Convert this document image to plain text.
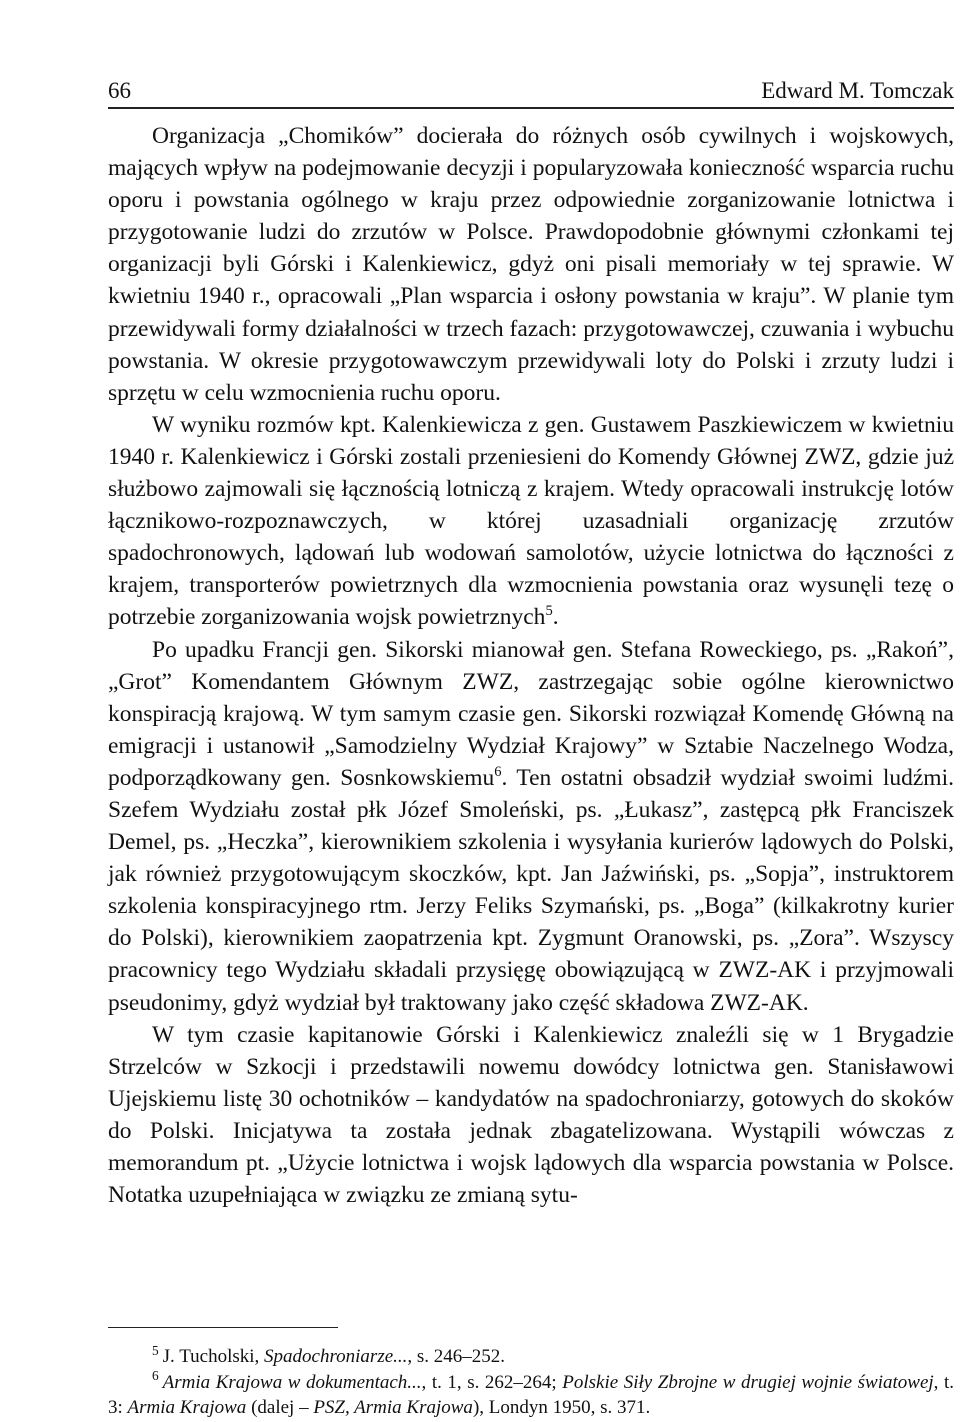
66	Edward M. Tomczak

Organizacja „Chomików” docierała do różnych osób cywilnych i wojskowych, mających wpływ na podejmowanie decyzji i popularyzowała konieczność wsparcia ruchu oporu i powstania ogólnego w kraju przez odpowiednie zorganizowanie lotnictwa i przygotowanie ludzi do zrzutów w Polsce. Prawdopodobnie głównymi członkami tej organizacji byli Górski i Kalenkiewicz, gdyż oni pisali memoriały w tej sprawie. W kwietniu 1940 r., opracowali „Plan wsparcia i osłony powstania w kraju”. W planie tym przewidywali formy działalności w trzech fazach: przygotowawczej, czuwania i wybuchu powstania. W okresie przygotowawczym przewidywali loty do Polski i zrzuty ludzi i sprzętu w celu wzmocnienia ruchu oporu.

W wyniku rozmów kpt. Kalenkiewicza z gen. Gustawem Paszkiewiczem w kwietniu 1940 r. Kalenkiewicz i Górski zostali przeniesieni do Komendy Głównej ZWZ, gdzie już służbowo zajmowali się łącznością lotniczą z krajem. Wtedy opracowali instrukcję lotów łącznikowo-rozpoznawczych, w której uzasadniali organizację zrzutów spadochronowych, lądowań lub wodowań samolotów, użycie lotnictwa do łączności z krajem, transporterów powietrznych dla wzmocnienia powstania oraz wysunęli tezę o potrzebie zorganizowania wojsk powietrznych$^5$.

Po upadku Francji gen. Sikorski mianował gen. Stefana Roweckiego, ps. „Rakoń”, „Grot” Komendantem Głównym ZWZ, zastrzegając sobie ogólne kierownictwo konspiracją krajową. W tym samym czasie gen. Sikorski rozwiązał Komendę Główną na emigracji i ustanowił „Samodzielny Wydział Krajowy” w Sztabie Naczelnego Wodza, podporządkowany gen. Sosnkowskiemu$^6$. Ten ostatni obsadził wydział swoimi ludźmi. Szefem Wydziału został płk Józef Smoleński, ps. „Łukasz”, zastępcą płk Franciszek Demel, ps. „Heczka”, kierownikiem szkolenia i wysyłania kurierów lądowych do Polski, jak również przygotowującym skoczków, kpt. Jan Jaźwiński, ps. „Sopja”, instruktorem szkolenia konspiracyjnego rtm. Jerzy Feliks Szymański, ps. „Boga” (kilkakrotny kurier do Polski), kierownikiem zaopatrzenia kpt. Zygmunt Oranowski, ps. „Zora”. Wszyscy pracownicy tego Wydziału składali przysięgę obowiązującą w ZWZ-AK i przyjmowali pseudonimy, gdyż wydział był traktowany jako część składowa ZWZ-AK.

W tym czasie kapitanowie Górski i Kalenkiewicz znaleźli się w 1 Brygadzie Strzelców w Szkocji i przedstawili nowemu dowódcy lotnictwa gen. Stanisławowi Ujejskiemu listę 30 ochotników – kandydatów na spadochroniarzy, gotowych do skoków do Polski. Inicjatywa ta została jednak zbagatelizowana. Wystąpili wówczas z memorandum pt. „Użycie lotnictwa i wojsk lądowych dla wsparcia powstania w Polsce. Notatka uzupełniająca w związku ze zmianą sytu-

$^5$ J. Tucholski, Spadochroniarze..., s. 246–252.

$^6$ Armia Krajowa w dokumentach..., t. 1, s. 262–264; Polskie Siły Zbrojne w drugiej wojnie światowej, t. 3: Armia Krajowa (dalej – PSZ, Armia Krajowa), Londyn 1950, s. 371.
